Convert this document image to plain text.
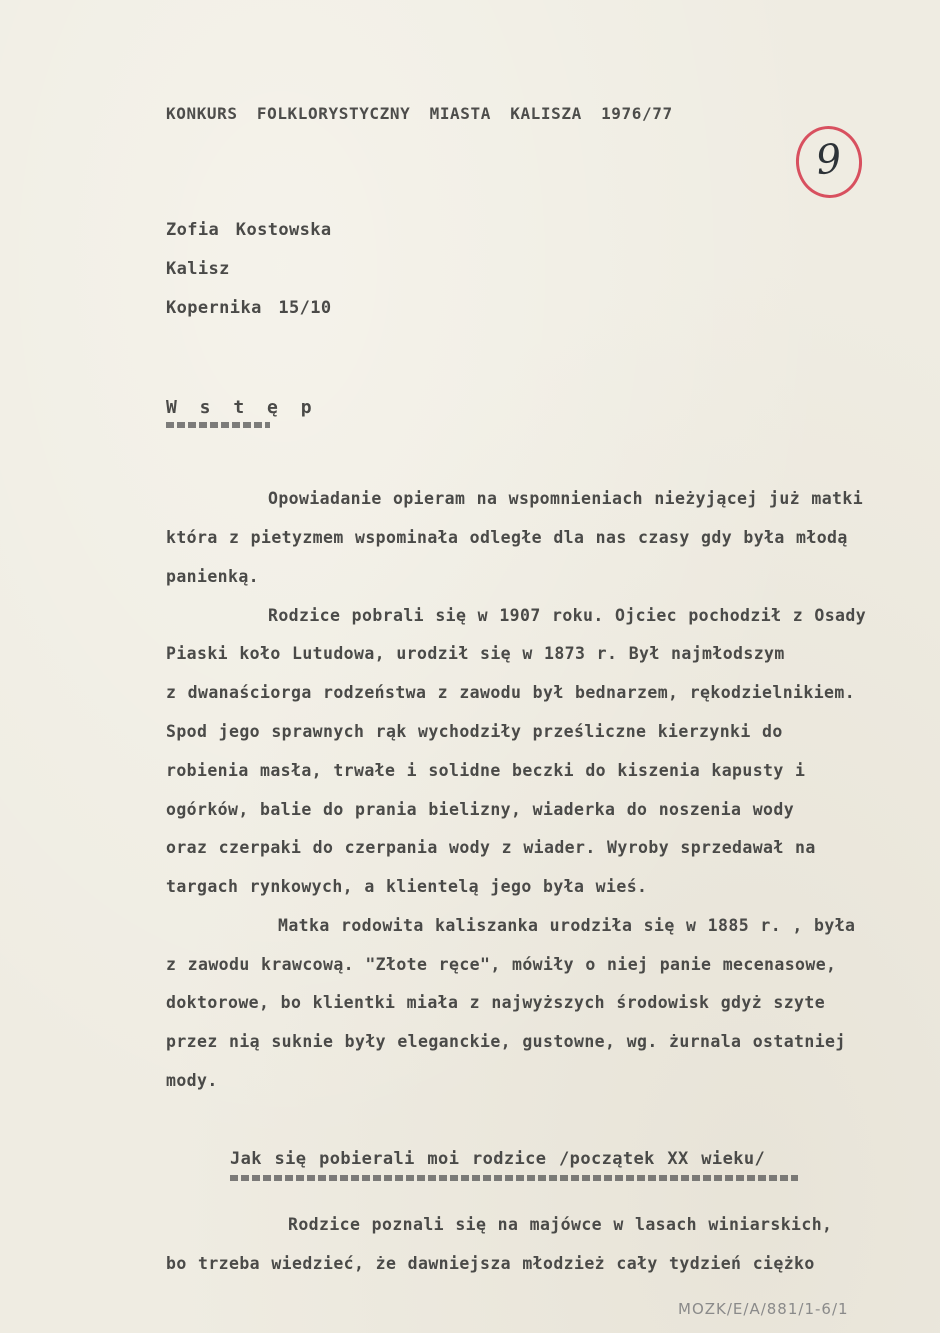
KONKURS FOLKLORYSTYCZNY MIASTA KALISZA 1976/77
9
Zofia Kostowska
Kalisz
Kopernika 15/10
W s t ę p
Opowiadanie opieram na wspomnieniach nieżyjącej już matki
która z pietyzmem wspominała odległe dla nas czasy gdy była młodą
panienką.
Rodzice pobrali się w 1907 roku. Ojciec pochodził z Osady
Piaski koło Lutudowa, urodził się w 1873 r. Był najmłodszym
z dwanaściorga rodzeństwa z zawodu był bednarzem, rękodzielnikiem.
Spod jego sprawnych rąk wychodziły prześliczne kierzynki do
robienia masła, trwałe i solidne beczki do kiszenia kapusty i
ogórków, balie do prania bielizny, wiaderka do noszenia wody
oraz czerpaki do czerpania wody z wiader. Wyroby sprzedawał na
targach rynkowych, a klientelą jego była wieś.
Matka rodowita kaliszanka urodziła się w 1885 r. , była
z zawodu krawcową. "Złote ręce", mówiły o niej panie mecenasowe,
doktorowe, bo klientki miała z najwyższych środowisk gdyż szyte
przez nią suknie były eleganckie, gustowne, wg. żurnala ostatniej
mody.
Jak się pobierali moi rodzice /początek XX wieku/
Rodzice poznali się na majówce w lasach winiarskich,
bo trzeba wiedzieć, że dawniejsza młodzież cały tydzień ciężko
MOZK/E/A/881/1-6/1
